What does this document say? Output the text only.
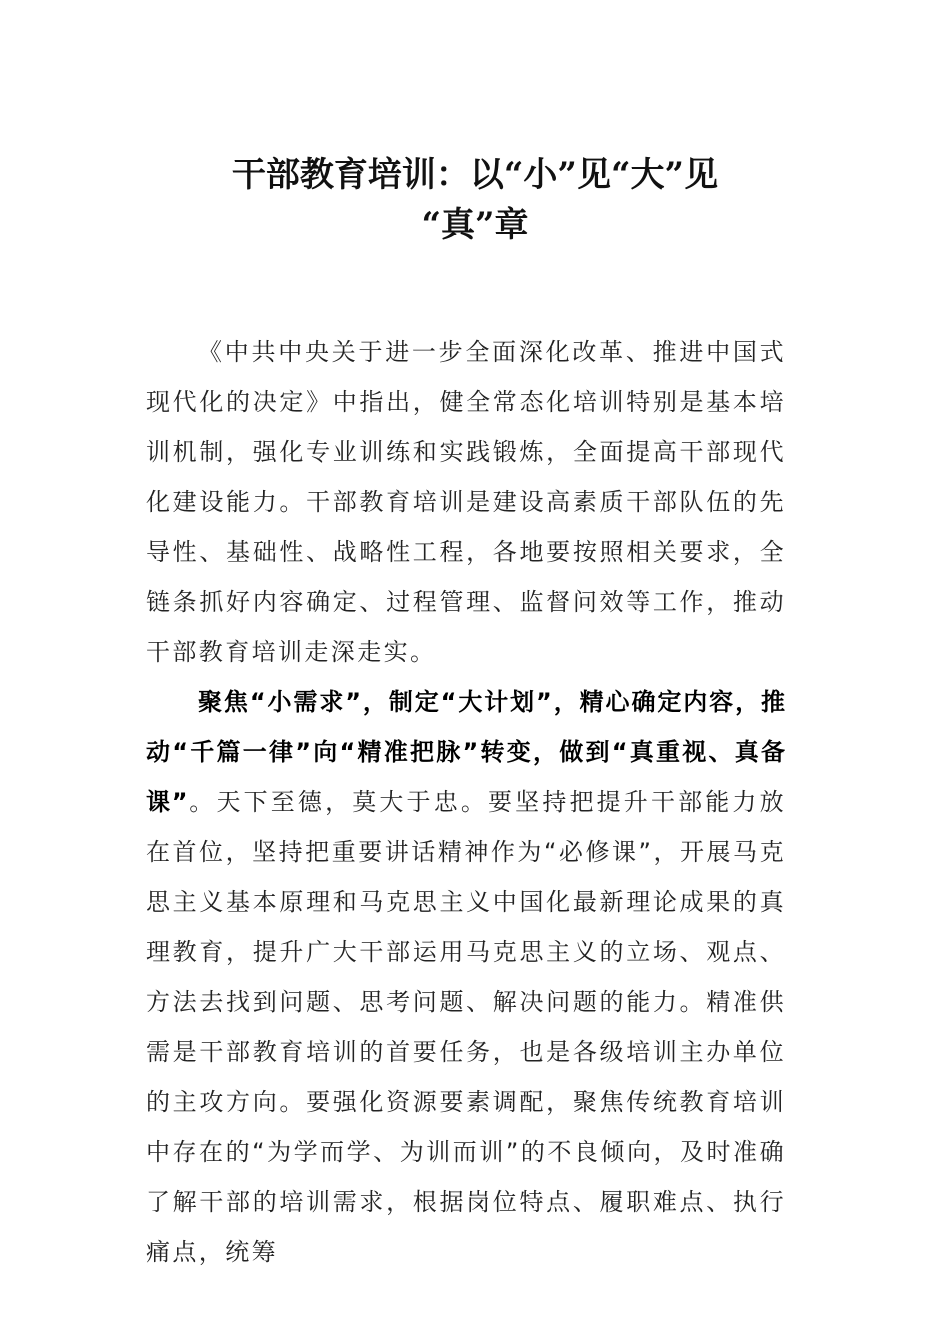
干部教育培训：以“小”见“大”见
“真”章

《中共中央关于进一步全面深化改革、推进中国式现代化的决定》中指出，健全常态化培训特别是基本培训机制，强化专业训练和实践锻炼，全面提高干部现代化建设能力。干部教育培训是建设高素质干部队伍的先导性、基础性、战略性工程，各地要按照相关要求，全链条抓好内容确定、过程管理、监督问效等工作，推动干部教育培训走深走实。

聚焦“小需求”，制定“大计划”，精心确定内容，推动“千篇一律”向“精准把脉”转变，做到“真重视、真备课”。天下至德，莫大于忠。要坚持把提升干部能力放在首位，坚持把重要讲话精神作为“必修课”，开展马克思主义基本原理和马克思主义中国化最新理论成果的真理教育，提升广大干部运用马克思主义的立场、观点、方法去找到问题、思考问题、解决问题的能力。精准供需是干部教育培训的首要任务，也是各级培训主办单位的主攻方向。要强化资源要素调配，聚焦传统教育培训中存在的“为学而学、为训而训”的不良倾向，及时准确了解干部的培训需求，根据岗位特点、履职难点、执行痛点，统筹
